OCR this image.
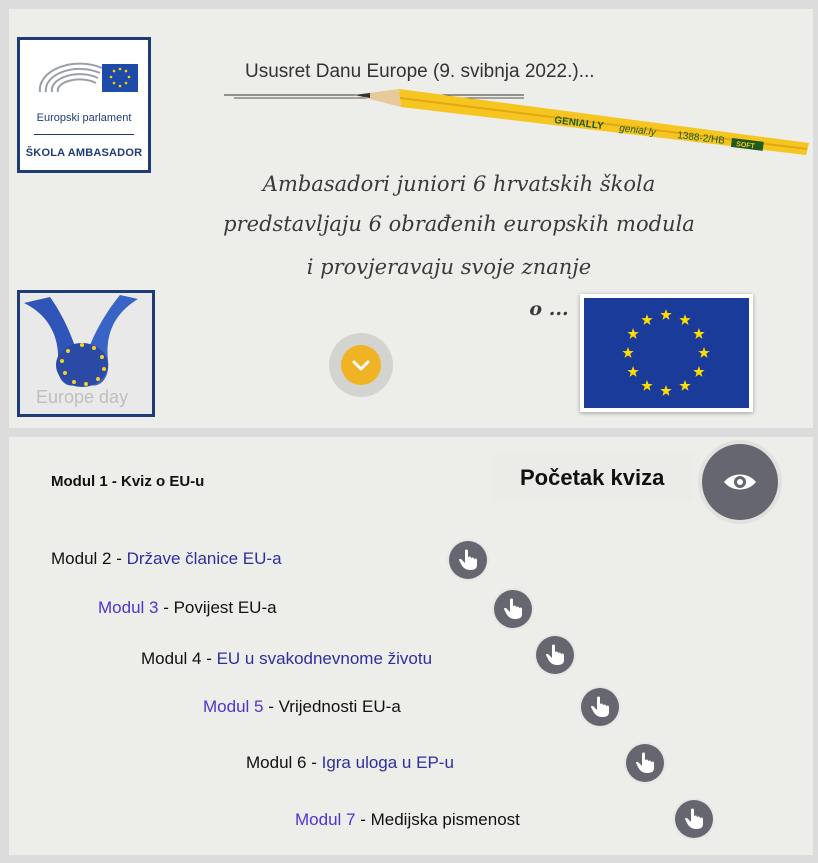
Europski parlament
ŠKOLA AMBASADOR
Ususret Danu Europe (9. svibnja 2022.)...
GENIALLY genial.ly 1388-2/HB SOFT
Ambasadori juniori 6 hrvatskih škola
predstavljaju 6 obrađenih europskih modula
i provjeravaju svoje znanje
o ...
Europe day
Modul 1 - Kviz o EU-u	Početak kviza
Modul 2 - Države članice EU-a
Modul 3 - Povijest EU-a
Modul 4 - EU u svakodnevnome životu
Modul 5 - Vrijednosti EU-a
Modul 6 - Igra uloga u EP-u
Modul 7 - Medijska pismenost
